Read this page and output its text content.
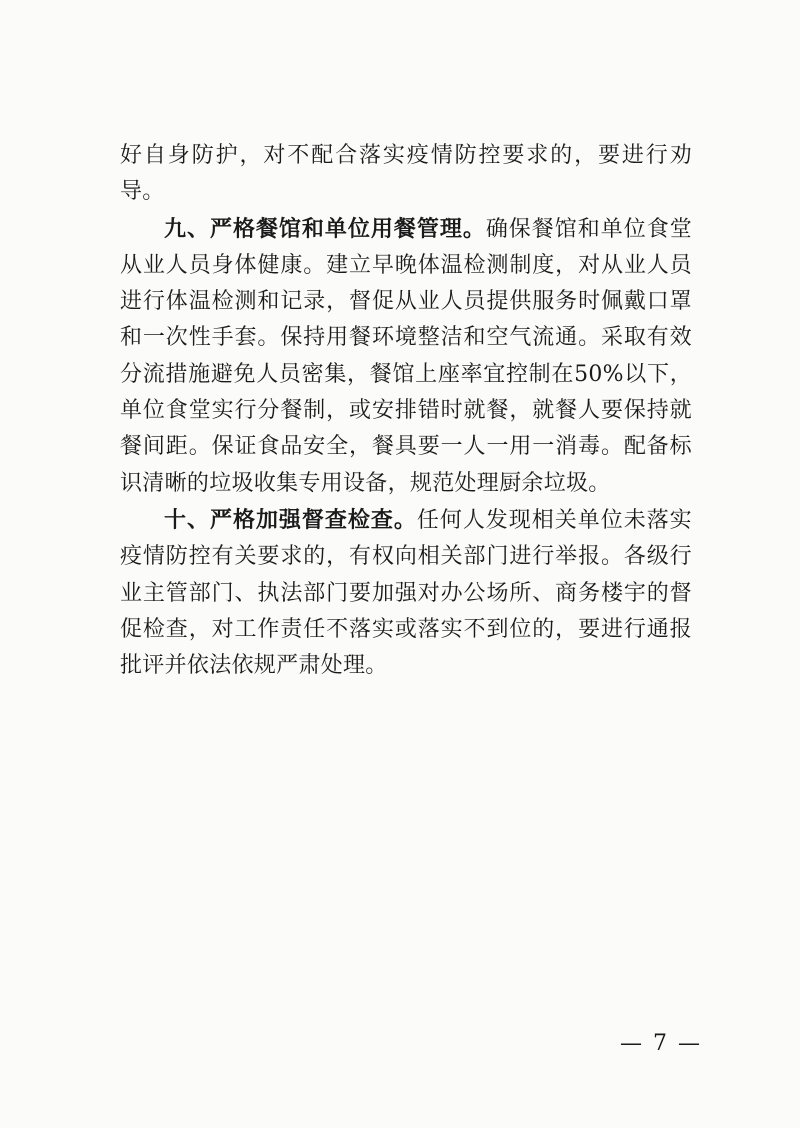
好自身防护，对不配合落实疫情防控要求的，要进行劝导。

九、严格餐馆和单位用餐管理。确保餐馆和单位食堂从业人员身体健康。建立早晚体温检测制度，对从业人员进行体温检测和记录，督促从业人员提供服务时佩戴口罩和一次性手套。保持用餐环境整洁和空气流通。采取有效分流措施避免人员密集，餐馆上座率宜控制在50%以下，单位食堂实行分餐制，或安排错时就餐，就餐人要保持就餐间距。保证食品安全，餐具要一人一用一消毒。配备标识清晰的垃圾收集专用设备，规范处理厨余垃圾。

十、严格加强督查检查。任何人发现相关单位未落实疫情防控有关要求的，有权向相关部门进行举报。各级行业主管部门、执法部门要加强对办公场所、商务楼宇的督促检查，对工作责任不落实或落实不到位的，要进行通报批评并依法依规严肃处理。

— 7 —
